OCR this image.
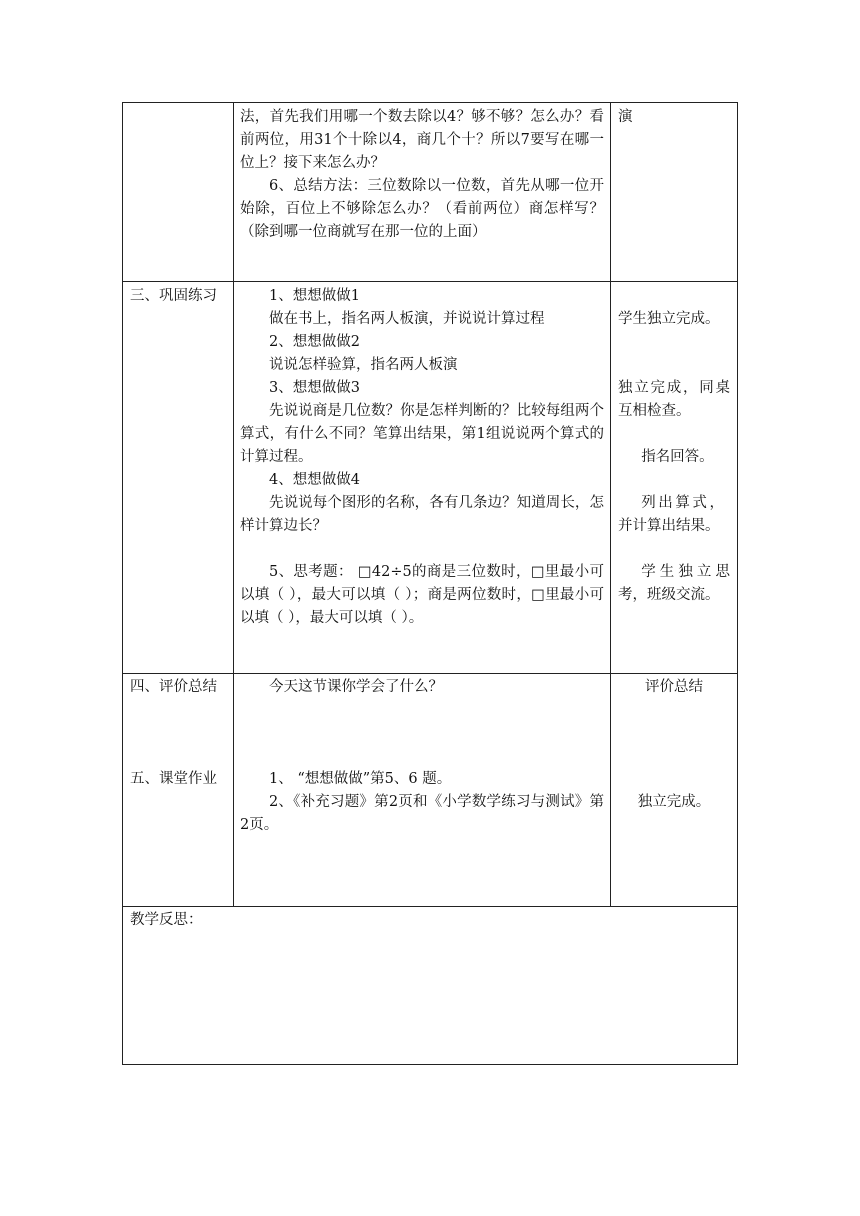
法，首先我们用哪一个数去除以4？够不够？怎么办？看前两位，用31个十除以4，商几个十？所以7要写在哪一位上？接下来怎么办？

6、总结方法：三位数除以一位数，首先从哪一位开始除，百位上不够除怎么办？（看前两位）商怎样写？（除到哪一位商就写在那一位的上面）

演

三、巩固练习	1、想想做做1

做在书上，指名两人板演，并说说计算过程

2、想想做做2

说说怎样验算，指名两人板演

3、想想做做3

先说说商是几位数？你是怎样判断的？比较每组两个算式，有什么不同？笔算出结果，第1组说说两个算式的计算过程。

4、想想做做4

先说说每个图形的名称，各有几条边？知道周长，怎样计算边长？

5、思考题： □42÷5的商是三位数时，□里最小可以填（ ），最大可以填（ ）；商是两位数时，□里最小可以填（ ），最大可以填（ ）。

学生独立完成。

独立完成，同桌互相检查。

指名回答。

列出算式，并计算出结果。

学生独立思考，班级交流。

四、评价总结

五、课堂作业

今天这节课你学会了什么？

1、 “想想做做”第5、6 题。

2、《补充习题》第2页和《小学数学练习与测试》第2页。

评价总结

独立完成。

教学反思：
